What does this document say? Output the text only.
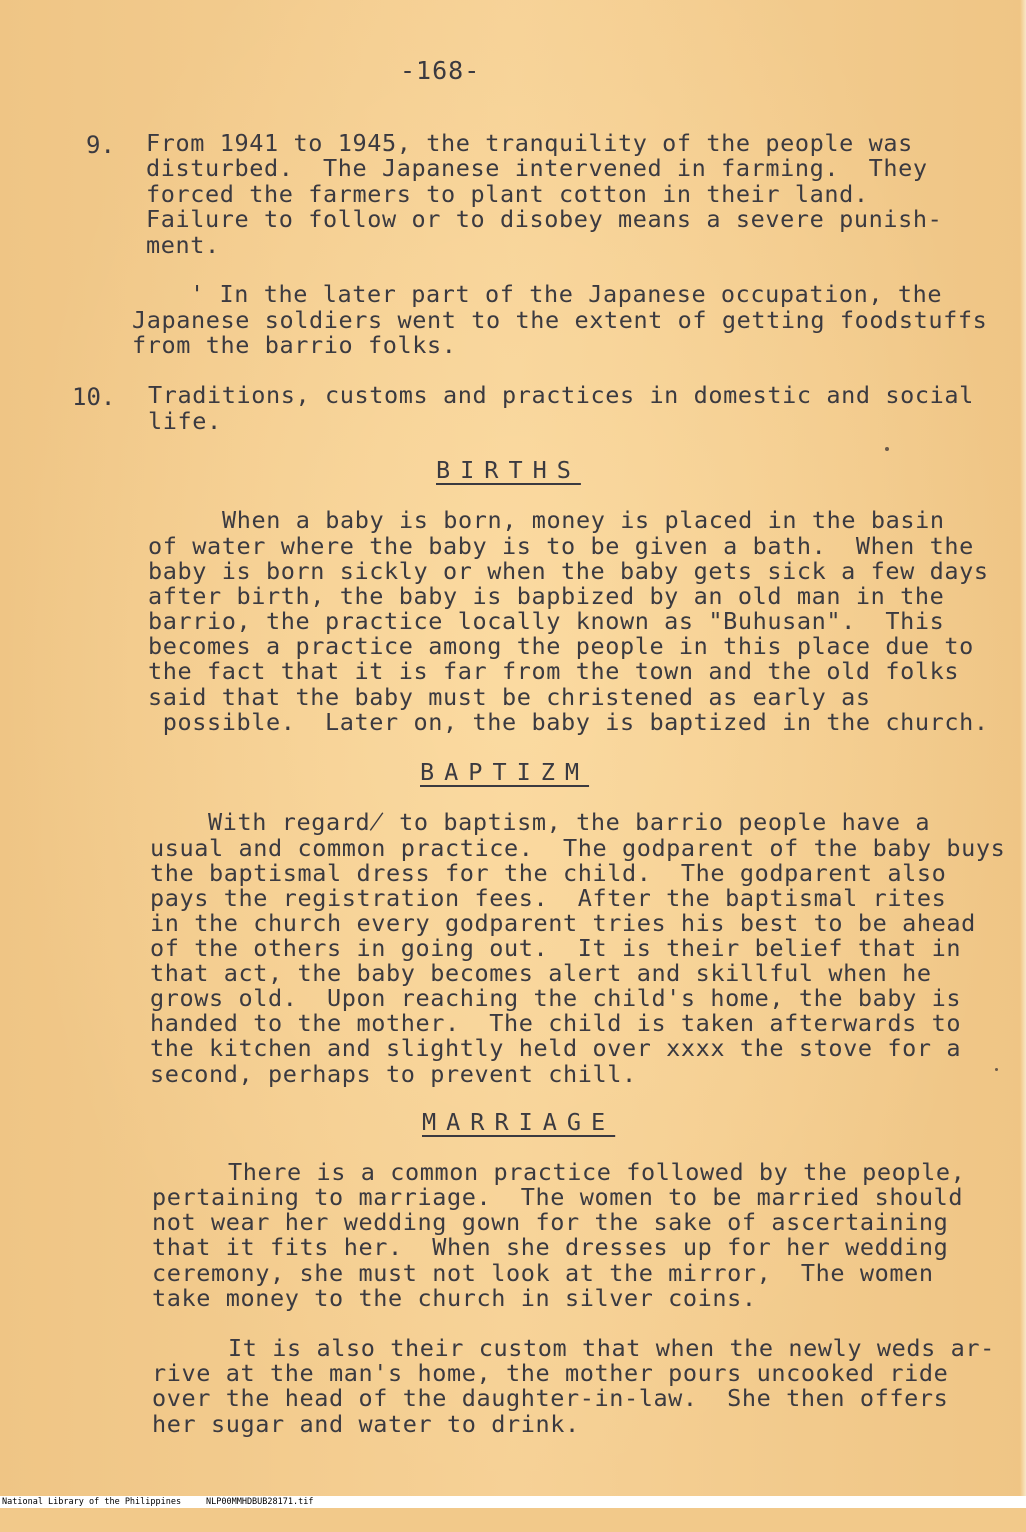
-168-
9. From 1941 to 1945, the tranquility of the people was
disturbed.  The Japanese intervened in farming.  They
forced the farmers to plant cotton in their land.
Failure to follow or to disobey means a severe punish-
ment.
' In the later part of the Japanese occupation, the
Japanese soldiers went to the extent of getting foodstuffs
from the barrio folks.
10. Traditions, customs and practices in domestic and social
life.
BIRTHS
When a baby is born, money is placed in the basin
of water where the baby is to be given a bath.  When the
baby is born sickly or when the baby gets sick a few days
after birth, the baby is bapbized by an old man in the
barrio, the practice locally known as "Buhusan".  This
becomes a practice among the people in this place due to
the fact that it is far from the town and the old folks
said that the baby must be christened as early as
possible.  Later on, the baby is baptized in the church.
BAPTIZM
With regard̸ to baptism, the barrio people have a
usual and common practice.  The godparent of the baby buys
the baptismal dress for the child.  The godparent also
pays the registration fees.  After the baptismal rites
in the church every godparent tries his best to be ahead
of the others in going out.  It is their belief that in
that act, the baby becomes alert and skillful when he
grows old.  Upon reaching the child's home, the baby is
handed to the mother.  The child is taken afterwards to
the kitchen and slightly held over xxxx the stove for a
second, perhaps to prevent chill.
MARRIAGE
There is a common practice followed by the people,
pertaining to marriage.  The women to be married should
not wear her wedding gown for the sake of ascertaining
that it fits her.  When she dresses up for her wedding
ceremony, she must not look at the mirror,  The women
take money to the church in silver coins.
It is also their custom that when the newly weds ar-
rive at the man's home, the mother pours uncooked ride
over the head of the daughter-in-law.  She then offers
her sugar and water to drink.

National Library of the Philippines

	NLP00MMHDBUB28171.tif
